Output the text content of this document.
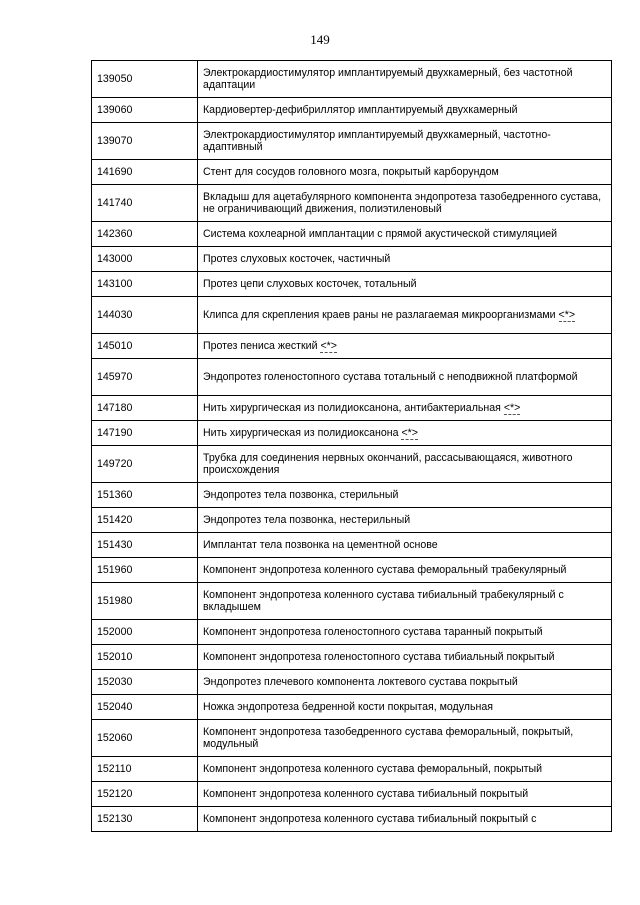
149
139050	Электрокардиостимулятор имплантируемый двухкамерный, без частотной адаптации
139060	Кардиовертер-дефибриллятор имплантируемый двухкамерный
139070	Электрокардиостимулятор имплантируемый двухкамерный, частотно-адаптивный
141690	Стент для сосудов головного мозга, покрытый карборундом
141740	Вкладыш для ацетабулярного компонента эндопротеза тазобедренного сустава, не ограничивающий движения, полиэтиленовый
142360	Система кохлеарной имплантации с прямой акустической стимуляцией
143000	Протез слуховых косточек, частичный
143100	Протез цепи слуховых косточек, тотальный
144030	Клипса для скрепления краев раны не разлагаемая микроорганизмами <*>
145010	Протез пениса жесткий <*>
145970	Эндопротез голеностопного сустава тотальный с неподвижной платформой
147180	Нить хирургическая из полидиоксанона, антибактериальная <*>
147190	Нить хирургическая из полидиоксанона <*>
149720	Трубка для соединения нервных окончаний, рассасывающаяся, животного происхождения
151360	Эндопротез тела позвонка, стерильный
151420	Эндопротез тела позвонка, нестерильный
151430	Имплантат тела позвонка на цементной основе
151960	Компонент эндопротеза коленного сустава феморальный трабекулярный
151980	Компонент эндопротеза коленного сустава тибиальный трабекулярный с вкладышем
152000	Компонент эндопротеза голеностопного сустава таранный покрытый
152010	Компонент эндопротеза голеностопного сустава тибиальный покрытый
152030	Эндопротез плечевого компонента локтевого сустава покрытый
152040	Ножка эндопротеза бедренной кости покрытая, модульная
152060	Компонент эндопротеза тазобедренного сустава феморальный, покрытый, модульный
152110	Компонент эндопротеза коленного сустава феморальный, покрытый
152120	Компонент эндопротеза коленного сустава тибиальный покрытый
152130	Компонент эндопротеза коленного сустава тибиальный покрытый с
